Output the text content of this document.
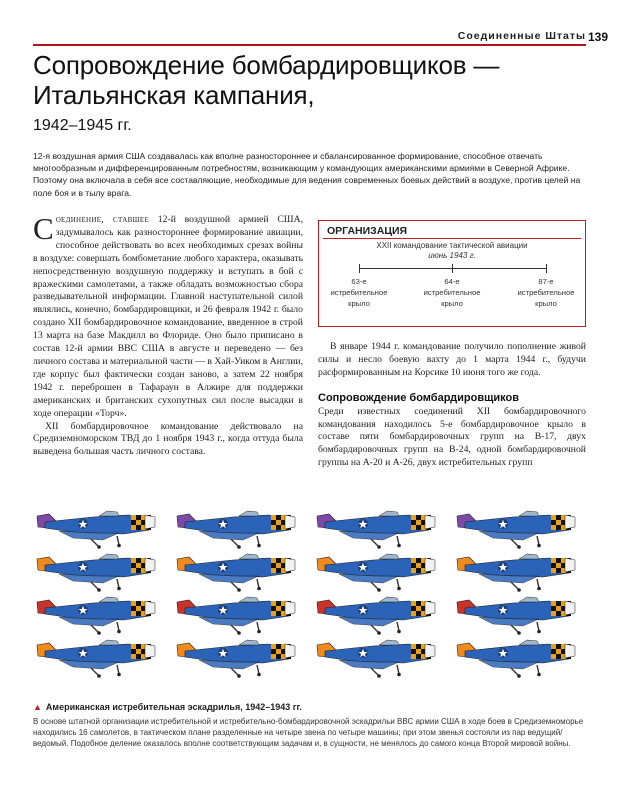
Соединенные Штаты 139
Сопровождение бомбардировщиков — Итальянская кампания,
1942–1945 гг.

12-я воздушная армия США создавалась как вполне разностороннее и сбалансированное формирование, способное отвечать многообразным и дифференцированным потребностям, возникающим у командующих американскими армиями в Северной Африке. Поэтому она включала в себя все составляющие, необходимые для ведения современных боевых действий в воздухе, против целей на поле боя и в тылу врага.

Соединение, ставшее 12-й воздушной армией США, задумывалось как разностороннее формирование авиации, способное действовать во всех необходимых срезах войны в воздухе: совершать бомбометание любого характера, оказывать непосредственную воздушную поддержку и вступать в бой с вражескими самолетами, а также обладать возможностью сбора разведывательной информации. Главной наступательной силой являлись, конечно, бомбардировщики, и 26 февраля 1942 г. было создано XII бомбардировочное командование, введенное в строй 13 марта на базе Макдилл во Флориде. Оно было приписано в состав 12-й армии ВВС США в августе и переведено — без личного состава и материальной части — в Хай-Уиком в Англии, где корпус был фактически создан заново, а затем 22 ноября 1942 г. переброшен в Тафараун в Алжире для поддержки американских и британских сухопутных сил после высадки в ходе операции «Торч».

XII бомбардировочное командование действовало на Средиземноморском ТВД до 1 ноября 1943 г., когда оттуда была выведена большая часть личного состава.

ОРГАНИЗАЦИЯ
XXII командование тактической авиации
июнь 1943 г.
63-е
истребительное
крыло
64-е
истребительное
крыло
87-е
истребительное
крыло

В январе 1944 г. командование получило пополнение живой силы и несло боевую вахту до 1 марта 1944 г., будучи расформированным на Корсике 10 июня того же года.

Сопровождение бомбардировщиков

Среди известных соединений XII бомбардировочного командования находилось 5-е бомбардировочное крыло в составе пяти бомбардировочных групп на B-17, двух бомбардировочных групп на B-24, одной бомбардировочной группы на A-20 и A-26, двух истребительных групп

▲ Американская истребительная эскадрилья, 1942–1943 гг.

В основе штатной организации истребительной и истребительно-бомбардировочной эскадрильи ВВС армии США в ходе боев в Средиземноморье находились 16 самолетов, в тактическом плане разделенные на четыре звена по четыре машины; при этом звенья состояли из пар ведущий/ведомый. Подобное деление оказалось вполне соответствующим задачам и, в сущности, не менялось до самого конца Второй мировой войны.
